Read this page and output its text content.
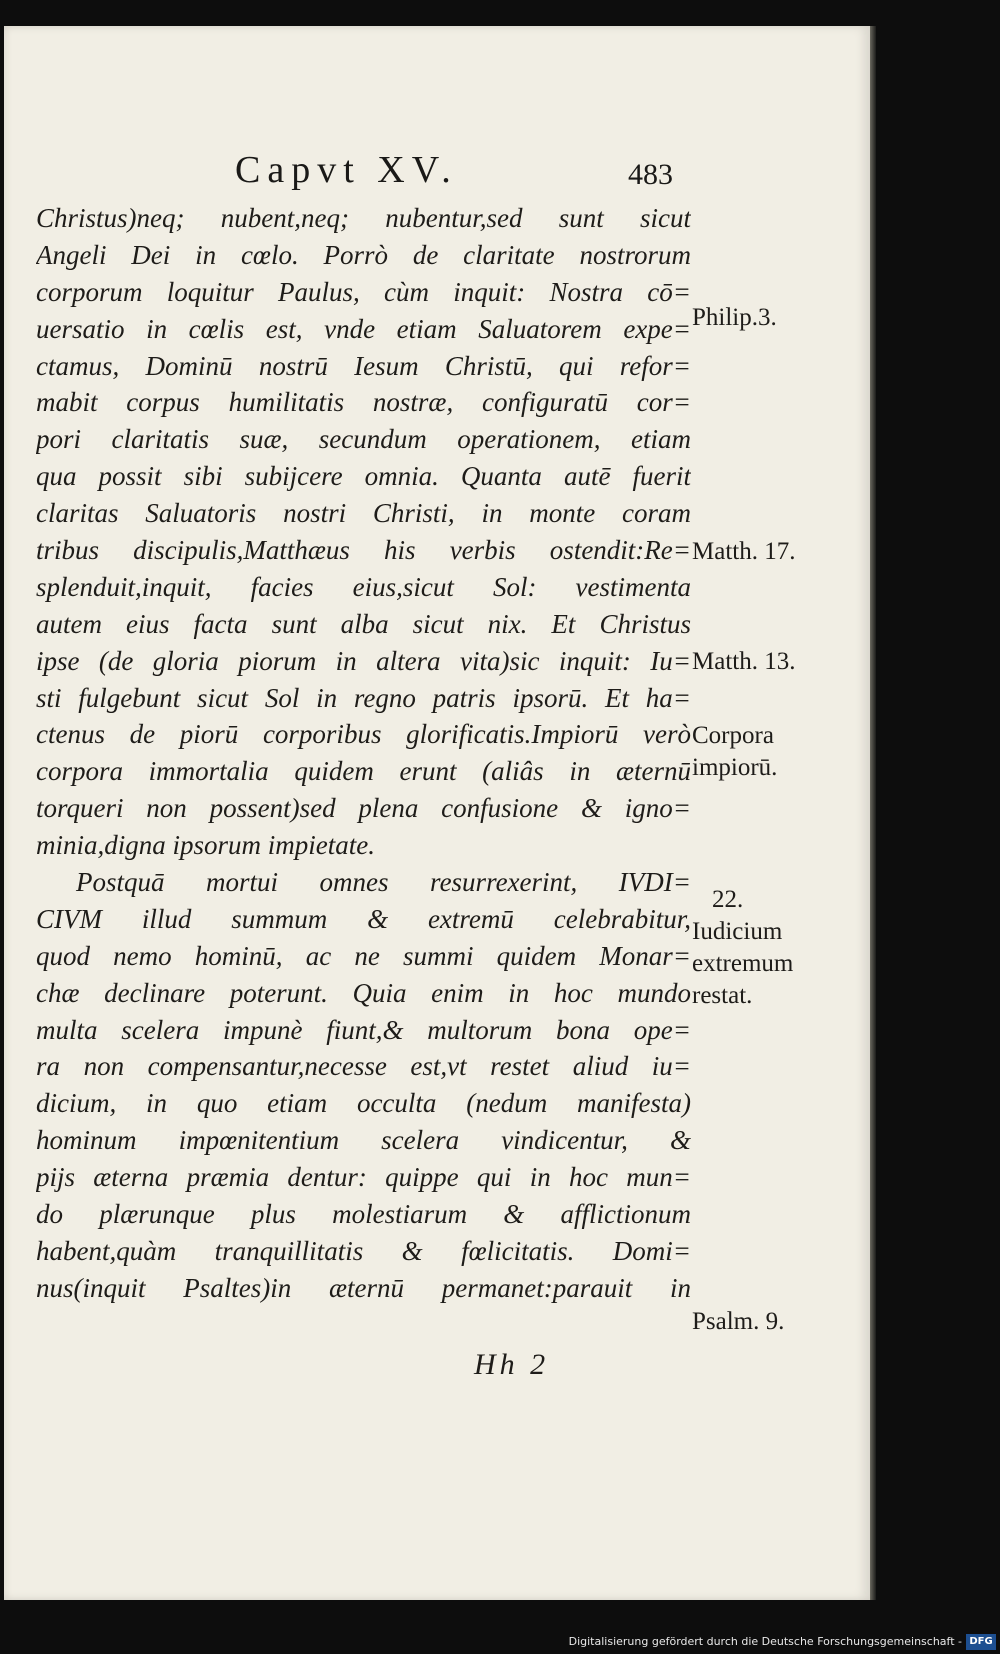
Capvt XV.	483
Christus)neq; nubent,neq; nubentur,sed sunt sicut
Angeli Dei in cœlo. Porrò de claritate nostrorum
corporum loquitur Paulus, cùm inquit: Nostra cō=
uersatio in cœlis est, vnde etiam Saluatorem expe=
ctamus, Dominū nostrū Iesum Christū, qui refor=
mabit corpus humilitatis nostræ, configuratū cor=
pori claritatis suæ, secundum operationem, etiam
qua possit sibi subijcere omnia. Quanta autē fuerit
claritas Saluatoris nostri Christi, in monte coram
tribus discipulis,Matthæus his verbis ostendit:Re=
splenduit,inquit, facies eius,sicut Sol: vestimenta
autem eius facta sunt alba sicut nix. Et Christus
ipse (de gloria piorum in altera vita)sic inquit: Iu=
sti fulgebunt sicut Sol in regno patris ipsorū. Et ha=
ctenus de piorū corporibus glorificatis.Impiorū verò
corpora immortalia quidem erunt (aliâs in æternū
torqueri non possent)sed plena confusione & igno=
minia,digna ipsorum impietate.
Postquā mortui omnes resurrexerint, IVDI=
CIVM illud summum & extremū celebrabitur,
quod nemo hominū, ac ne summi quidem Monar=
chæ declinare poterunt. Quia enim in hoc mundo
multa scelera impunè fiunt,& multorum bona ope=
ra non compensantur,necesse est,vt restet aliud iu=
dicium, in quo etiam occulta (nedum manifesta)
hominum impœnitentium scelera vindicentur, &
pijs æterna præmia dentur: quippe qui in hoc mun=
do plærunque plus molestiarum & afflictionum
habent,quàm tranquillitatis & fœlicitatis. Domi=
nus(inquit Psaltes)in æternū permanet:parauit in
Philip.3.
Matth. 17.
Matth. 13.
Corpora
impiorū.
22.
Iudicium
extremum
restat.
Psalm. 9.
Hh 2
Digitalisierung gefördert durch die Deutsche Forschungsgemeinschaft - DFG
